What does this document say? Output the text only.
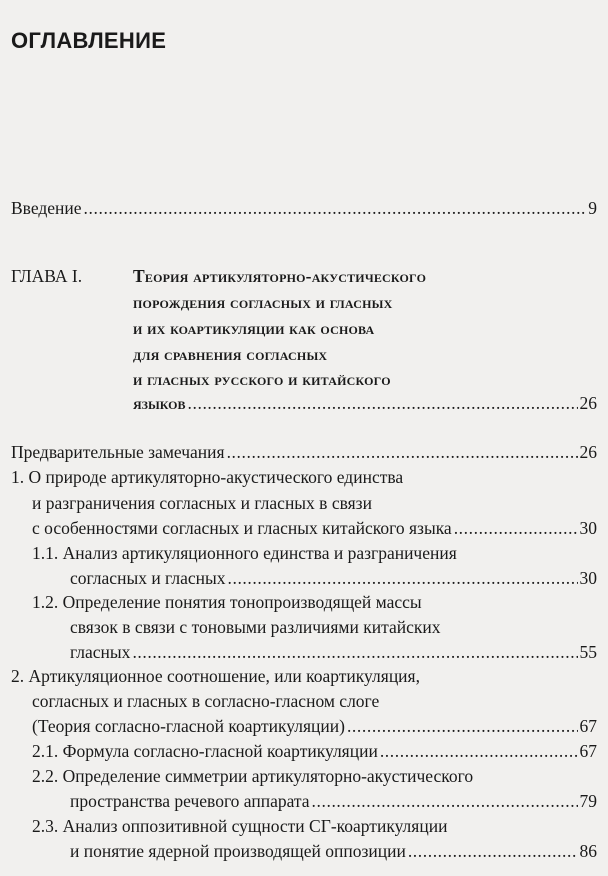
ОГЛАВЛЕНИЕ
Введение .....	9
ГЛАВА I.	Теория артикуляторно-акустического
порождения согласных и гласных
и их коартикуляции как основа
для сравнения согласных
и гласных русского и китайского
языков .....	26
Предварительные замечания .....	26
1. О природе артикуляторно-акустического единства
и разграничения согласных и гласных в связи
с особенностями согласных и гласных китайского языка .....	30
1.1. Анализ артикуляционного единства и разграничения
согласных и гласных .....	30
1.2. Определение понятия тонопроизводящей массы
связок в связи с тоновыми различиями китайских
гласных .....	55
2. Артикуляционное соотношение, или коартикуляция,
согласных и гласных в согласно-гласном слоге
(Теория согласно-гласной коартикуляции) .....	67
2.1. Формула согласно-гласной коартикуляции .....	67
2.2. Определение симметрии артикуляторно-акустического
пространства речевого аппарата .....	79
2.3. Анализ оппозитивной сущности СГ-коартикуляции
и понятие ядерной производящей оппозиции .....	86
